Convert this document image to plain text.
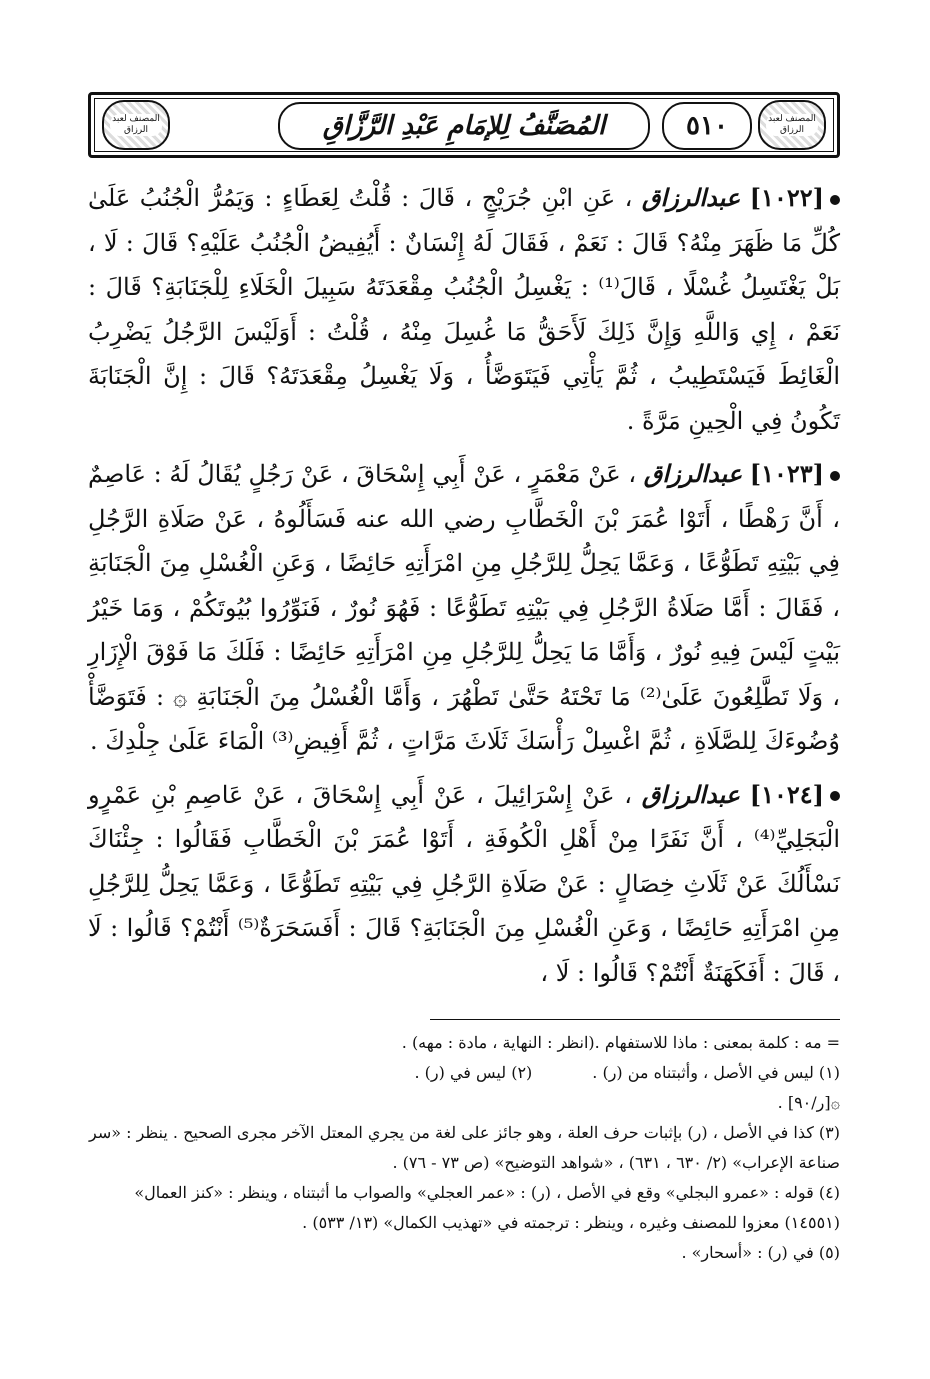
المصنف لعبد الرزاق	المُصَنَّفُ لِلإمَامِ عَبْدِ الرَّزَّاقِ	٥١٠	المصنف لعبد الرزاق

[١٠٢٢] عبدالرزاق ، عَنِ ابْنِ جُرَيْجٍ ، قَالَ : قُلْتُ لِعَطَاءٍ : وَيَمُرُّ الْجُنُبُ عَلَىٰ كُلِّ مَا ظَهَرَ مِنْهُ؟ قَالَ : نَعَمْ ، فَقَالَ لَهُ إِنْسَانٌ : أَيُفِيضُ الْجُنُبُ عَلَيْهِ؟ قَالَ : لَا ، بَلْ يَغْتَسِلُ غُسْلًا ، قَالَ⁽¹⁾ : يَغْسِلُ الْجُنُبُ مِقْعَدَتَهُ سَبِيلَ الْخَلَاءِ لِلْجَنَابَةِ؟ قَالَ : نَعَمْ ، إِي وَاللَّهِ وَإِنَّ ذَلِكَ لَأَحَقُّ مَا غُسِلَ مِنْهُ ، قُلْتُ : أَوَلَيْسَ الرَّجُلُ يَضْرِبُ الْغَائِطَ فَيَسْتَطِيبُ ، ثُمَّ يَأْتِي فَيَتَوَضَّأُ ، وَلَا يَغْسِلُ مِقْعَدَتَهُ؟ قَالَ : إِنَّ الْجَنَابَةَ تَكُونُ فِي الْحِينِ مَرَّةً .

[١٠٢٣] عبدالرزاق ، عَنْ مَعْمَرٍ ، عَنْ أَبِي إِسْحَاقَ ، عَنْ رَجُلٍ يُقَالُ لَهُ : عَاصِمٌ ، أَنَّ رَهْطًا ، أَتَوْا عُمَرَ بْنَ الْخَطَّابِ رضي الله عنه فَسَأَلُوهُ ، عَنْ صَلَاةِ الرَّجُلِ فِي بَيْتِهِ تَطَوُّعًا ، وَعَمَّا يَحِلُّ لِلرَّجُلِ مِنِ امْرَأَتِهِ حَائِضًا ، وَعَنِ الْغُسْلِ مِنَ الْجَنَابَةِ ، فَقَالَ : أَمَّا صَلَاةُ الرَّجُلِ فِي بَيْتِهِ تَطَوُّعًا : فَهُوَ نُورٌ ، فَنَوِّرُوا بُيُوتَكُمْ ، وَمَا خَيْرُ بَيْتٍ لَيْسَ فِيهِ نُورٌ ، وَأَمَّا مَا يَحِلُّ لِلرَّجُلِ مِنِ امْرَأَتِهِ حَائِضًا : فَلَكَ مَا فَوْقَ الْإِزَارِ ، وَلَا تَطَّلِعُونَ عَلَىٰ⁽²⁾ مَا تَحْتَهُ حَتَّىٰ تَطْهُرَ ، وَأَمَّا الْغُسْلُ مِنَ الْجَنَابَةِ ۞ : فَتَوَضَّأْ وُضُوءَكَ لِلصَّلَاةِ ، ثُمَّ اغْسِلْ رَأْسَكَ ثَلَاثَ مَرَّاتٍ ، ثُمَّ أَفِيضِ⁽³⁾ الْمَاءَ عَلَىٰ جِلْدِكَ .

[١٠٢٤] عبدالرزاق ، عَنْ إِسْرَائِيلَ ، عَنْ أَبِي إِسْحَاقَ ، عَنْ عَاصِمِ بْنِ عَمْرٍو الْبَجَلِيِّ⁽⁴⁾ ، أَنَّ نَفَرًا مِنْ أَهْلِ الْكُوفَةِ ، أَتَوْا عُمَرَ بْنَ الْخَطَّابِ فَقَالُوا : جِئْنَاكَ نَسْأَلُكَ عَنْ ثَلَاثِ خِصَالٍ : عَنْ صَلَاةِ الرَّجُلِ فِي بَيْتِهِ تَطَوُّعًا ، وَعَمَّا يَحِلُّ لِلرَّجُلِ مِنِ امْرَأَتِهِ حَائِضًا ، وَعَنِ الْغُسْلِ مِنَ الْجَنَابَةِ؟ قَالَ : أَفَسَحَرَةٌ⁽⁵⁾ أَنْتُمْ؟ قَالُوا : لَا ، قَالَ : أَفَكَهَنَةٌ أَنْتُمْ؟ قَالُوا : لَا ،

= مه : كلمة بمعنى : ماذا للاستفهام .(انظر : النهاية ، مادة : مهه) .

(١) ليس في الأصل ، وأثبتناه من (ر) .
(٢) ليس في (ر) .

۞[ر/٩٠] .

(٣) كذا في الأصل ، (ر) بإثبات حرف العلة ، وهو جائز على لغة من يجري المعتل الآخر مجرى الصحيح . ينظر : «سر صناعة الإعراب» (٢/ ٦٣٠ ، ٦٣١) ، «شواهد التوضيح» (ص ٧٣ - ٧٦) .

(٤) قوله : «عمرو البجلي» وقع في الأصل ، (ر) : «عمر العجلي» والصواب ما أثبتناه ، وينظر : «كنز العمال» (١٤٥٥١) معزوا للمصنف وغيره ، وينظر : ترجمته في «تهذيب الكمال» (١٣/ ٥٣٣) .

(٥) في (ر) : «أسحار» .
